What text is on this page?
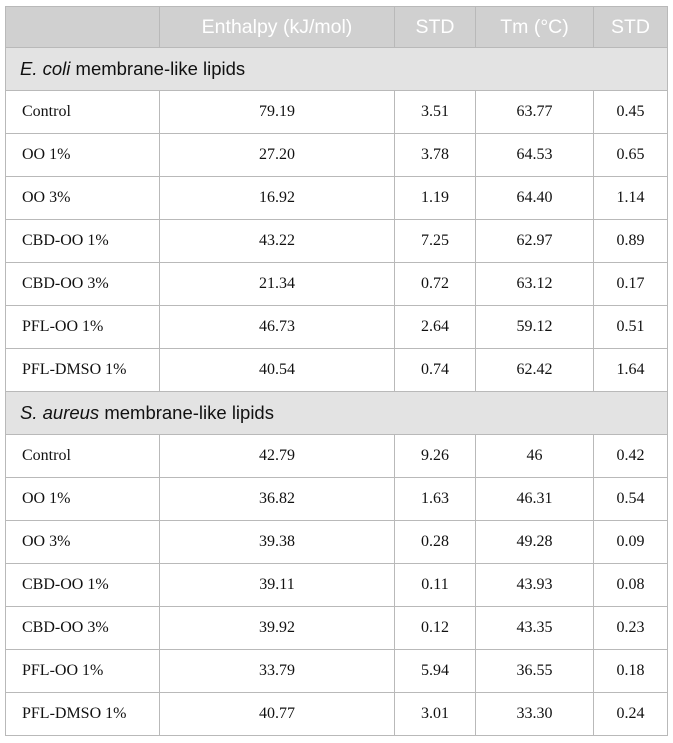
	Enthalpy (kJ/mol)	STD	Tm (°C)	STD
E. coli membrane-like lipids				
Control	79.19	3.51	63.77	0.45
OO 1%	27.20	3.78	64.53	0.65
OO 3%	16.92	1.19	64.40	1.14
CBD-OO 1%	43.22	7.25	62.97	0.89
CBD-OO 3%	21.34	0.72	63.12	0.17
PFL-OO 1%	46.73	2.64	59.12	0.51
PFL-DMSO 1%	40.54	0.74	62.42	1.64
S. aureus membrane-like lipids				
Control	42.79	9.26	46	0.42
OO 1%	36.82	1.63	46.31	0.54
OO 3%	39.38	0.28	49.28	0.09
CBD-OO 1%	39.11	0.11	43.93	0.08
CBD-OO 3%	39.92	0.12	43.35	0.23
PFL-OO 1%	33.79	5.94	36.55	0.18
PFL-DMSO 1%	40.77	3.01	33.30	0.24
